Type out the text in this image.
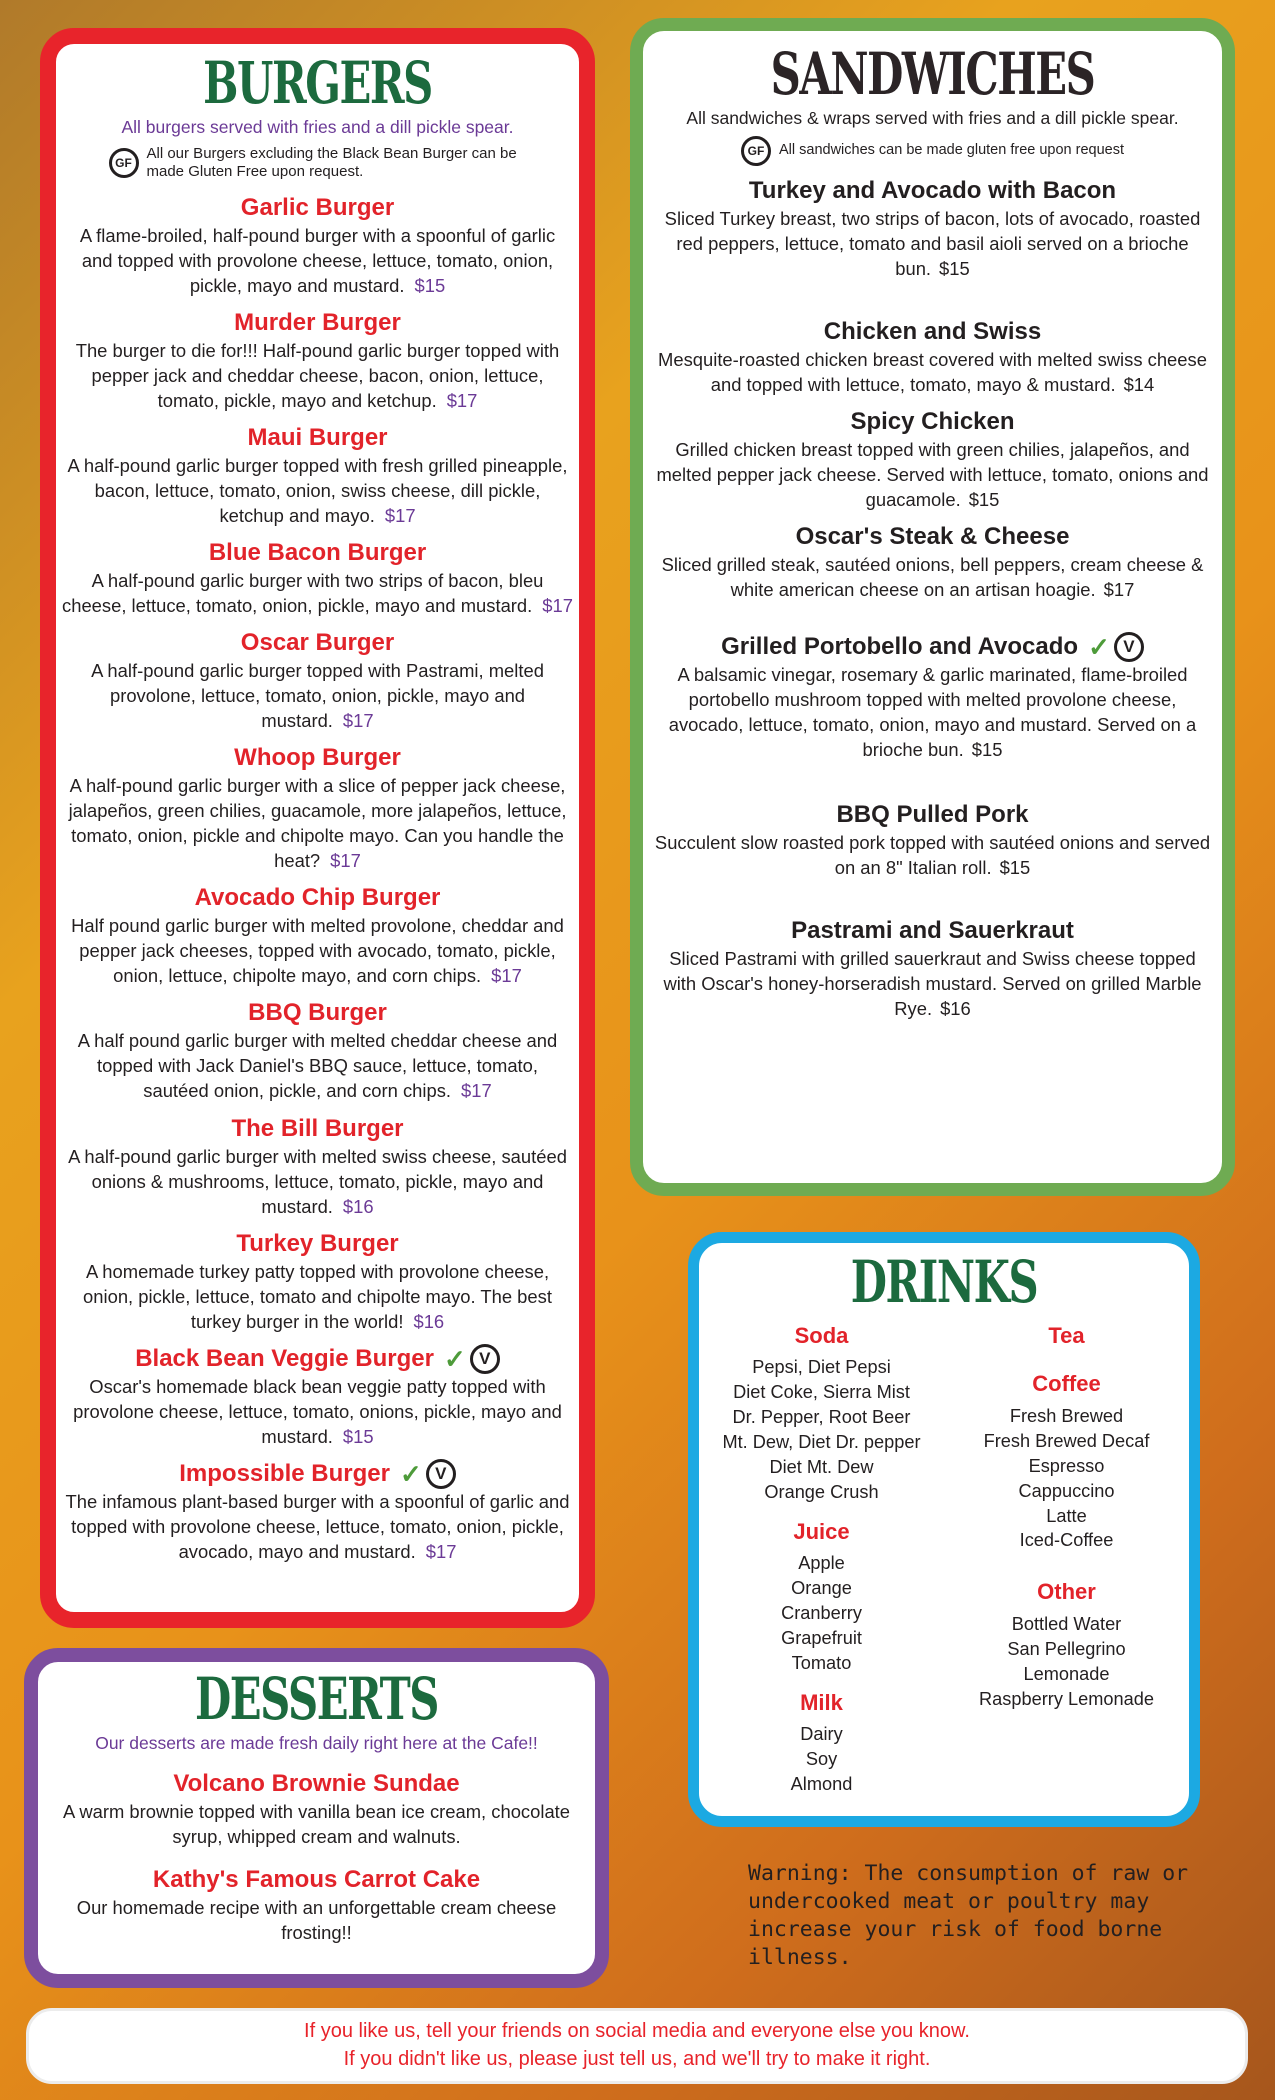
BURGERS
All burgers served with fries and a dill pickle spear.
GF
All our Burgers excluding the Black Bean Burger can be made Gluten Free upon request.
Garlic Burger
A flame-broiled, half-pound burger with a spoonful of garlic and topped with provolone cheese, lettuce, tomato, onion, pickle, mayo and mustard. $15
Murder Burger
The burger to die for!!! Half-pound garlic burger topped with pepper jack and cheddar cheese, bacon, onion, lettuce, tomato, pickle, mayo and ketchup. $17
Maui Burger
A half-pound garlic burger topped with fresh grilled pineapple, bacon, lettuce, tomato, onion, swiss cheese, dill pickle, ketchup and mayo. $17
Blue Bacon Burger
A half-pound garlic burger with two strips of bacon, bleu cheese, lettuce, tomato, onion, pickle, mayo and mustard. $17
Oscar Burger
A half-pound garlic burger topped with Pastrami, melted provolone, lettuce, tomato, onion, pickle, mayo and mustard. $17
Whoop Burger
A half-pound garlic burger with a slice of pepper jack cheese, jalapeños, green chilies, guacamole, more jalapeños, lettuce, tomato, onion, pickle and chipolte mayo. Can you handle the heat? $17
Avocado Chip Burger
Half pound garlic burger with melted provolone, cheddar and pepper jack cheeses, topped with avocado, tomato, pickle, onion, lettuce, chipolte mayo, and corn chips. $17
BBQ Burger
A half pound garlic burger with melted cheddar cheese and topped with Jack Daniel's BBQ sauce, lettuce, tomato, sautéed onion, pickle, and corn chips. $17
The Bill Burger
A half-pound garlic burger with melted swiss cheese, sautéed onions & mushrooms, lettuce, tomato, pickle, mayo and mustard. $16
Turkey Burger
A homemade turkey patty topped with provolone cheese, onion, pickle, lettuce, tomato and chipolte mayo. The best turkey burger in the world! $16
Black Bean Veggie Burger ✓ V
Oscar's homemade black bean veggie patty topped with provolone cheese, lettuce, tomato, onions, pickle, mayo and mustard. $15
Impossible Burger ✓ V
The infamous plant-based burger with a spoonful of garlic and topped with provolone cheese, lettuce, tomato, onion, pickle, avocado, mayo and mustard. $17
SANDWICHES
All sandwiches & wraps served with fries and a dill pickle spear.
GF	All sandwiches can be made gluten free upon request
Turkey and Avocado with Bacon
Sliced Turkey breast, two strips of bacon, lots of avocado, roasted red peppers, lettuce, tomato and basil aioli served on a brioche bun. $15
Chicken and Swiss
Mesquite-roasted chicken breast covered with melted swiss cheese and topped with lettuce, tomato, mayo & mustard. $14
Spicy Chicken
Grilled chicken breast topped with green chilies, jalapeños, and melted pepper jack cheese. Served with lettuce, tomato, onions and guacamole. $15
Oscar's Steak & Cheese
Sliced grilled steak, sautéed onions, bell peppers, cream cheese & white american cheese on an artisan hoagie. $17
Grilled Portobello and Avocado ✓ V
A balsamic vinegar, rosemary & garlic marinated, flame-broiled portobello mushroom topped with melted provolone cheese, avocado, lettuce, tomato, onion, mayo and mustard. Served on a brioche bun. $15
BBQ Pulled Pork
Succulent slow roasted pork topped with sautéed onions and served on an 8" Italian roll. $15
Pastrami and Sauerkraut
Sliced Pastrami with grilled sauerkraut and Swiss cheese topped with Oscar's honey-horseradish mustard. Served on grilled Marble Rye. $16
DRINKS
Soda
Pepsi, Diet Pepsi
Diet Coke, Sierra Mist
Dr. Pepper, Root Beer
Mt. Dew, Diet Dr. pepper
Diet Mt. Dew
Orange Crush
Juice
Apple
Orange
Cranberry
Grapefruit
Tomato
Milk
Dairy
Soy
Almond
Tea
Coffee
Fresh Brewed
Fresh Brewed Decaf
Espresso
Cappuccino
Latte
Iced-Coffee
Other
Bottled Water
San Pellegrino
Lemonade
Raspberry Lemonade
DESSERTS
Our desserts are made fresh daily right here at the Cafe!!
Volcano Brownie Sundae
A warm brownie topped with vanilla bean ice cream, chocolate syrup, whipped cream and walnuts.
Kathy's Famous Carrot Cake
Our homemade recipe with an unforgettable cream cheese frosting!!
Warning: The consumption of raw or undercooked meat or poultry may increase your risk of food borne illness.
If you like us, tell your friends on social media and everyone else you know.
If you didn't like us, please just tell us, and we'll try to make it right.
